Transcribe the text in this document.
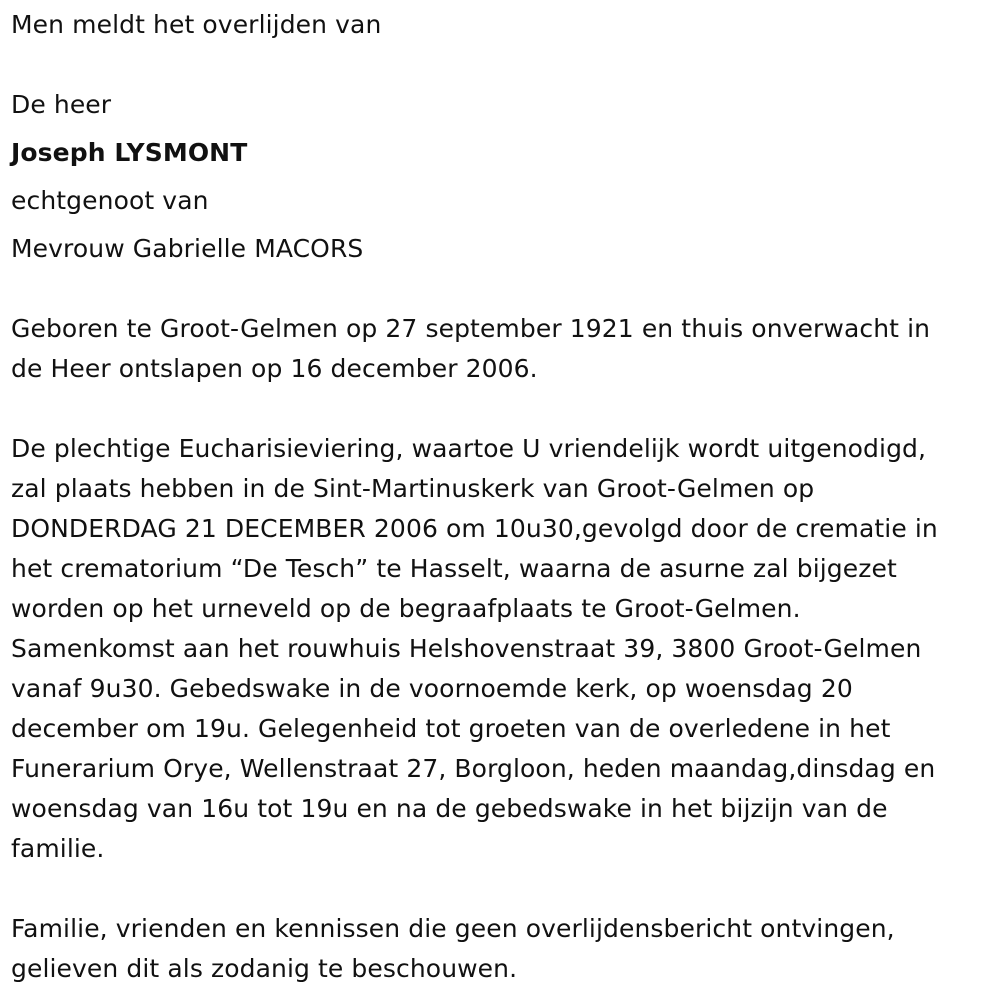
Men meldt het overlijden van
De heer
Joseph LYSMONT
echtgenoot van
Mevrouw Gabrielle MACORS
Geboren te Groot-Gelmen op 27 september 1921 en thuis onverwacht in
de Heer ontslapen op 16 december 2006.
De plechtige Eucharisieviering, waartoe U vriendelijk wordt uitgenodigd,
zal plaats hebben in de Sint-Martinuskerk van Groot-Gelmen op
DONDERDAG 21 DECEMBER 2006 om 10u30,gevolgd door de crematie in
het crematorium “De Tesch” te Hasselt, waarna de asurne zal bijgezet
worden op het urneveld op de begraafplaats te Groot-Gelmen.
Samenkomst aan het rouwhuis Helshovenstraat 39, 3800 Groot-Gelmen
vanaf 9u30. Gebedswake in de voornoemde kerk, op woensdag 20
december om 19u. Gelegenheid tot groeten van de overledene in het
Funerarium Orye, Wellenstraat 27, Borgloon, heden maandag,dinsdag en
woensdag van 16u tot 19u en na de gebedswake in het bijzijn van de
familie.
Familie, vrienden en kennissen die geen overlijdensbericht ontvingen,
gelieven dit als zodanig te beschouwen.
